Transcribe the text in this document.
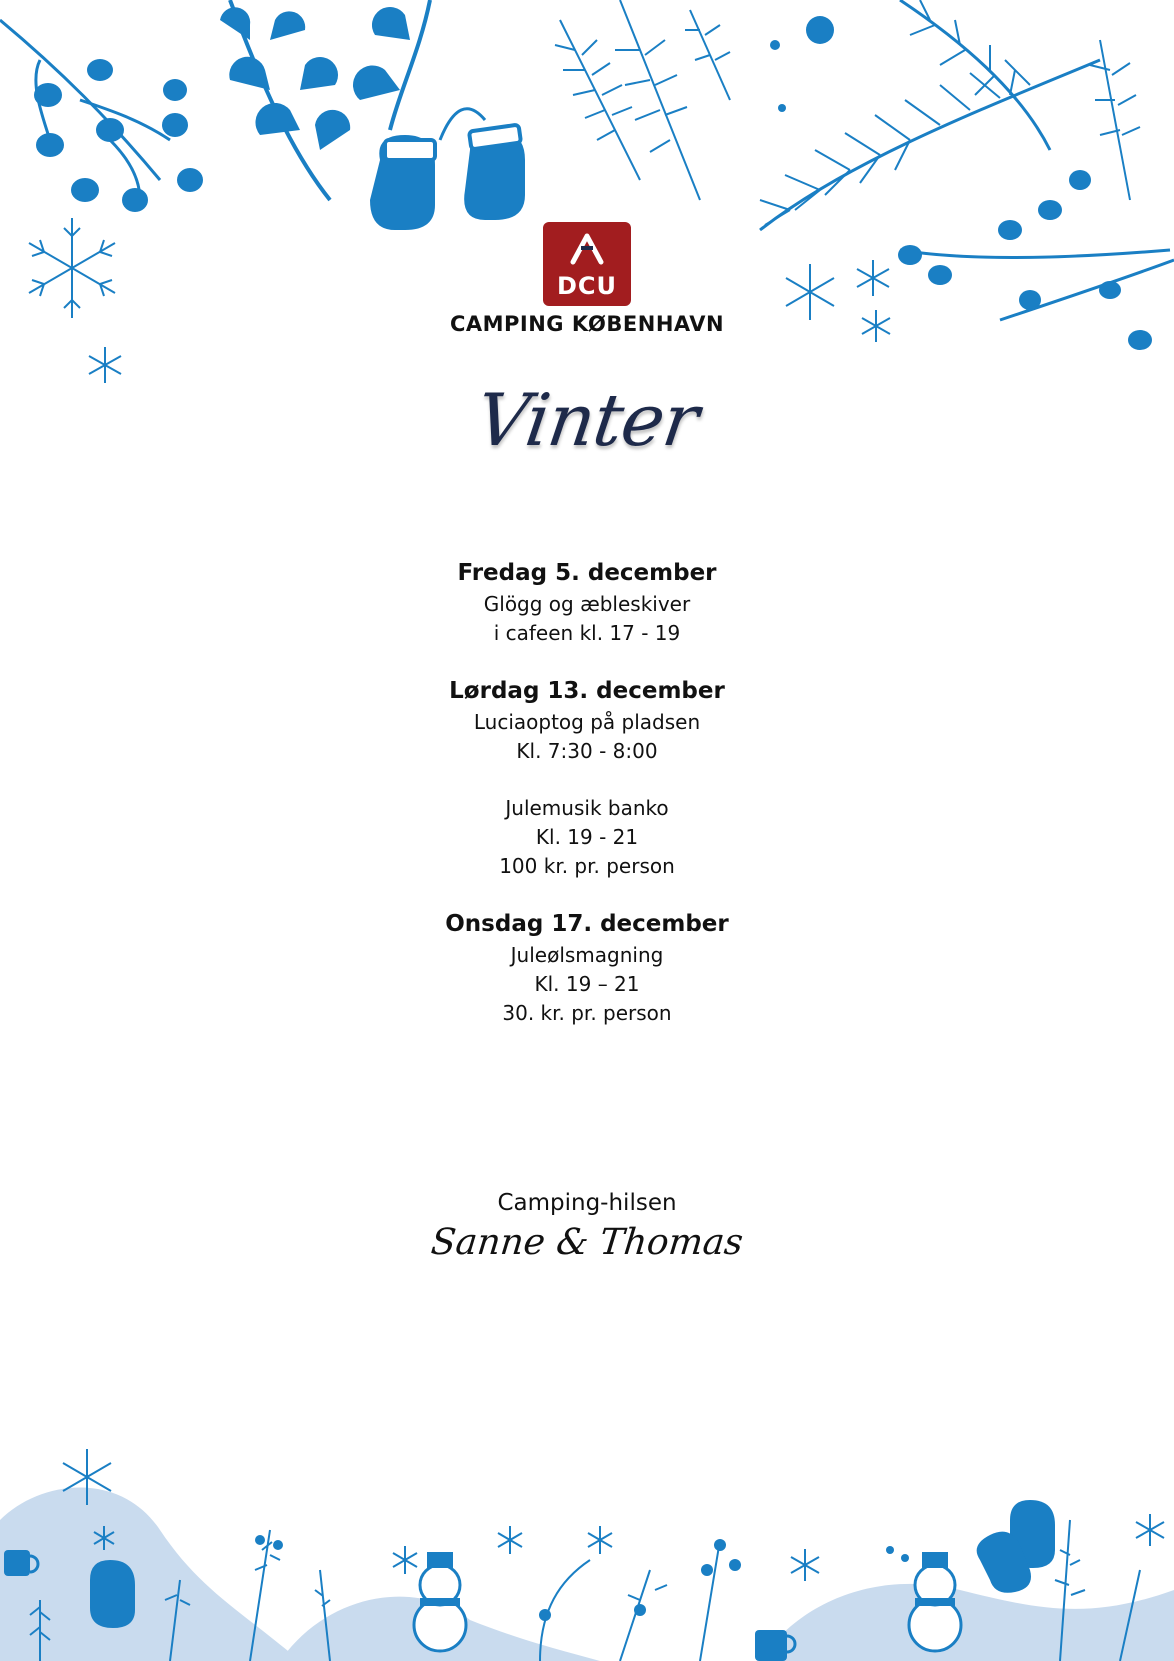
DCU
CAMPING KØBENHAVN
Vinter
Fredag 5. december
Glögg og æbleskiver
i cafeen kl. 17 - 19
Lørdag 13. december
Luciaoptog på pladsen
Kl. 7:30 - 8:00
Julemusik banko
Kl. 19 - 21
100 kr. pr. person
Onsdag 17. december
Juleølsmagning
Kl. 19 – 21
30. kr. pr. person
Camping-hilsen
Sanne & Thomas
